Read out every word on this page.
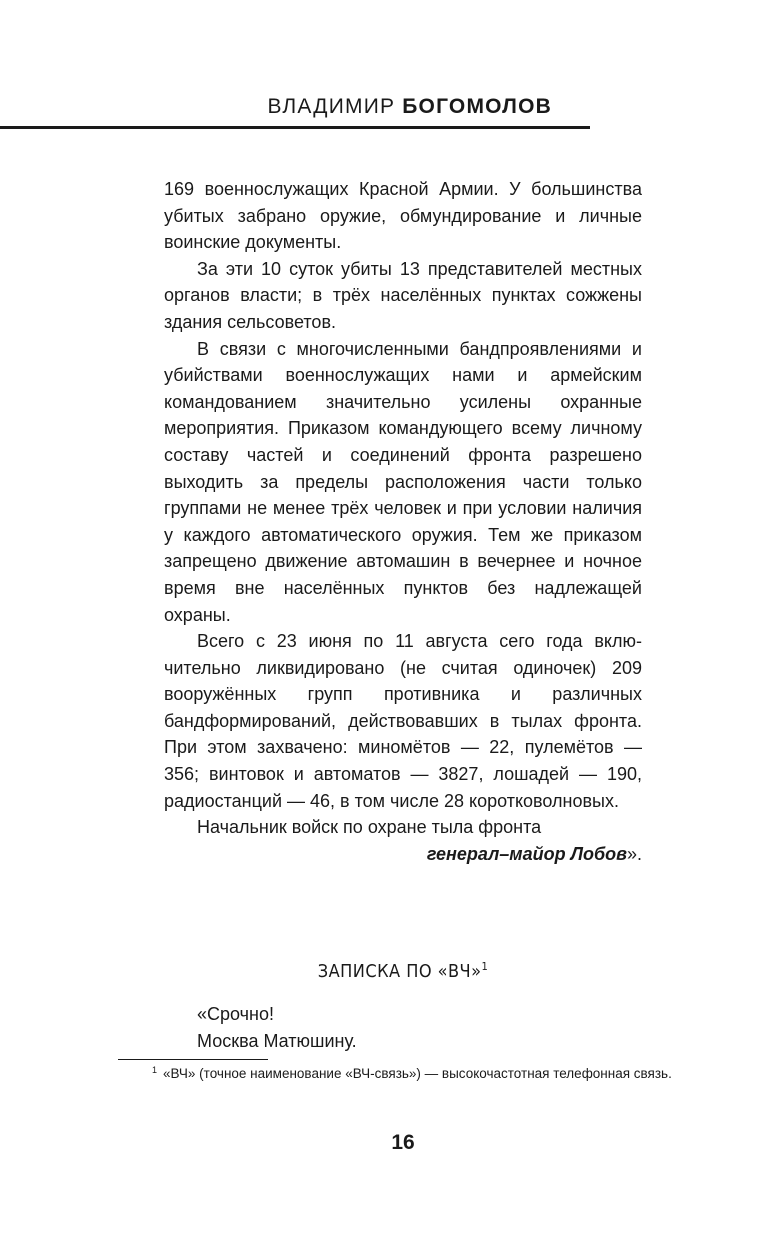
ВЛАДИМИР БОГОМОЛОВ

169 военнослужащих Красной Армии. У большинства убитых забрано оружие, обмундирование и личные воинские документы.

За эти 10 суток убиты 13 представителей местных органов власти; в трёх населённых пунктах сожжены здания сельсоветов.

В связи с многочисленными бандпроявлениями и убийствами военнослужащих нами и армейским командованием значительно усилены охранные мероприятия. Приказом командующего всему личному составу частей и соединений фронта разрешено выходить за пределы расположения части только группами не менее трёх человек и при условии наличия у каждого автоматического оружия. Тем же приказом запрещено движение автомашин в вечернее и ночное время вне населённых пунктов без надлежащей охраны.

Всего с 23 июня по 11 августа сего года включительно ликвидировано (не считая одиночек) 209 вооружённых групп противника и различных бандформирований, действовавших в тылах фронта. При этом захвачено: миномётов — 22, пулемётов — 356; винтовок и автоматов — 3827, лошадей — 190, радиостанций — 46, в том числе 28 коротковолновых.

Начальник войск по охране тыла фронта

генерал–майор Лобов».

ЗАПИСКА ПО «ВЧ»$^1$

«Срочно!

Москва Матюшину.

$^1$ «ВЧ» (точное наименование «ВЧ-связь») — высокочастотная телефонная связь.
16
